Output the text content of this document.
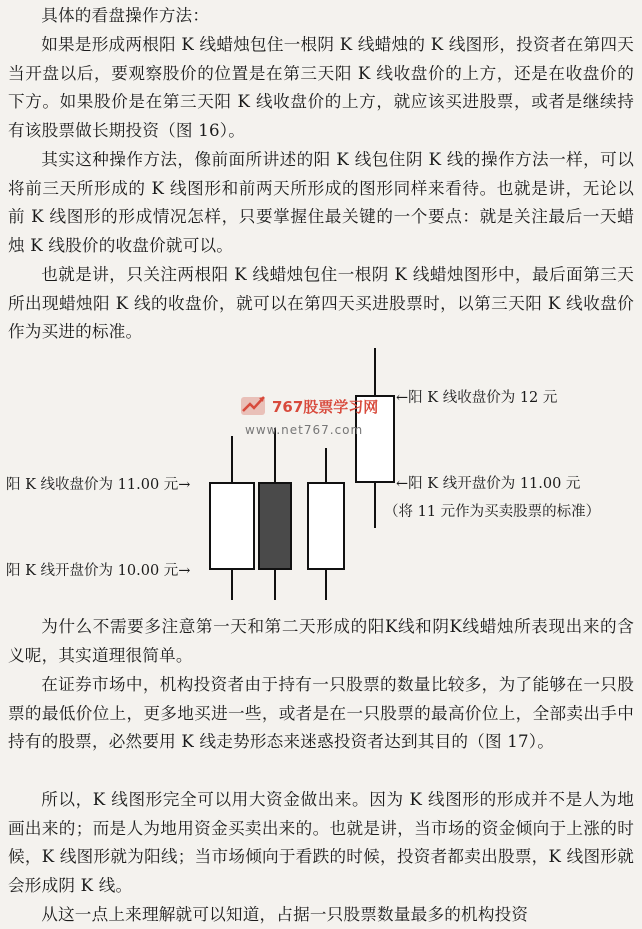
具体的看盘操作方法：

如果是形成两根阳 K 线蜡烛包住一根阴 K 线蜡烛的 K 线图形，投资者在第四天当开盘以后，要观察股价的位置是在第三天阳 K 线收盘价的上方，还是在收盘价的下方。如果股价是在第三天阳 K 线收盘价的上方，就应该买进股票，或者是继续持有该股票做长期投资（图 16）。

其实这种操作方法，像前面所讲述的阳 K 线包住阴 K 线的操作方法一样，可以将前三天所形成的 K 线图形和前两天所形成的图形同样来看待。也就是讲，无论以前 K 线图形的形成情况怎样，只要掌握住最关键的一个要点：就是关注最后一天蜡烛 K 线股价的收盘价就可以。

也就是讲，只关注两根阳 K 线蜡烛包住一根阴 K 线蜡烛图形中，最后面第三天所出现蜡烛阳 K 线的收盘价，就可以在第四天买进股票时，以第三天阳 K 线收盘价作为买进的标准。

阳 K 线收盘价为 11.00 元→
阳 K 线开盘价为 10.00 元→
←阳 K 线收盘价为 12 元
←阳 K 线开盘价为 11.00 元
（将 11 元作为买卖股票的标准）
767股票学习网
www.net767.com

为什么不需要多注意第一天和第二天形成的阳K线和阴K线蜡烛所表现出来的含义呢，其实道理很简单。

在证券市场中，机构投资者由于持有一只股票的数量比较多，为了能够在一只股票的最低价位上，更多地买进一些，或者是在一只股票的最高价位上，全部卖出手中持有的股票，必然要用 K 线走势形态来迷惑投资者达到其目的（图 17）。

所以，K 线图形完全可以用大资金做出来。因为 K 线图形的形成并不是人为地画出来的；而是人为地用资金买卖出来的。也就是讲，当市场的资金倾向于上涨的时候，K 线图形就为阳线；当市场倾向于看跌的时候，投资者都卖出股票，K 线图形就会形成阴 K 线。

从这一点上来理解就可以知道，占据一只股票数量最多的机构投资
